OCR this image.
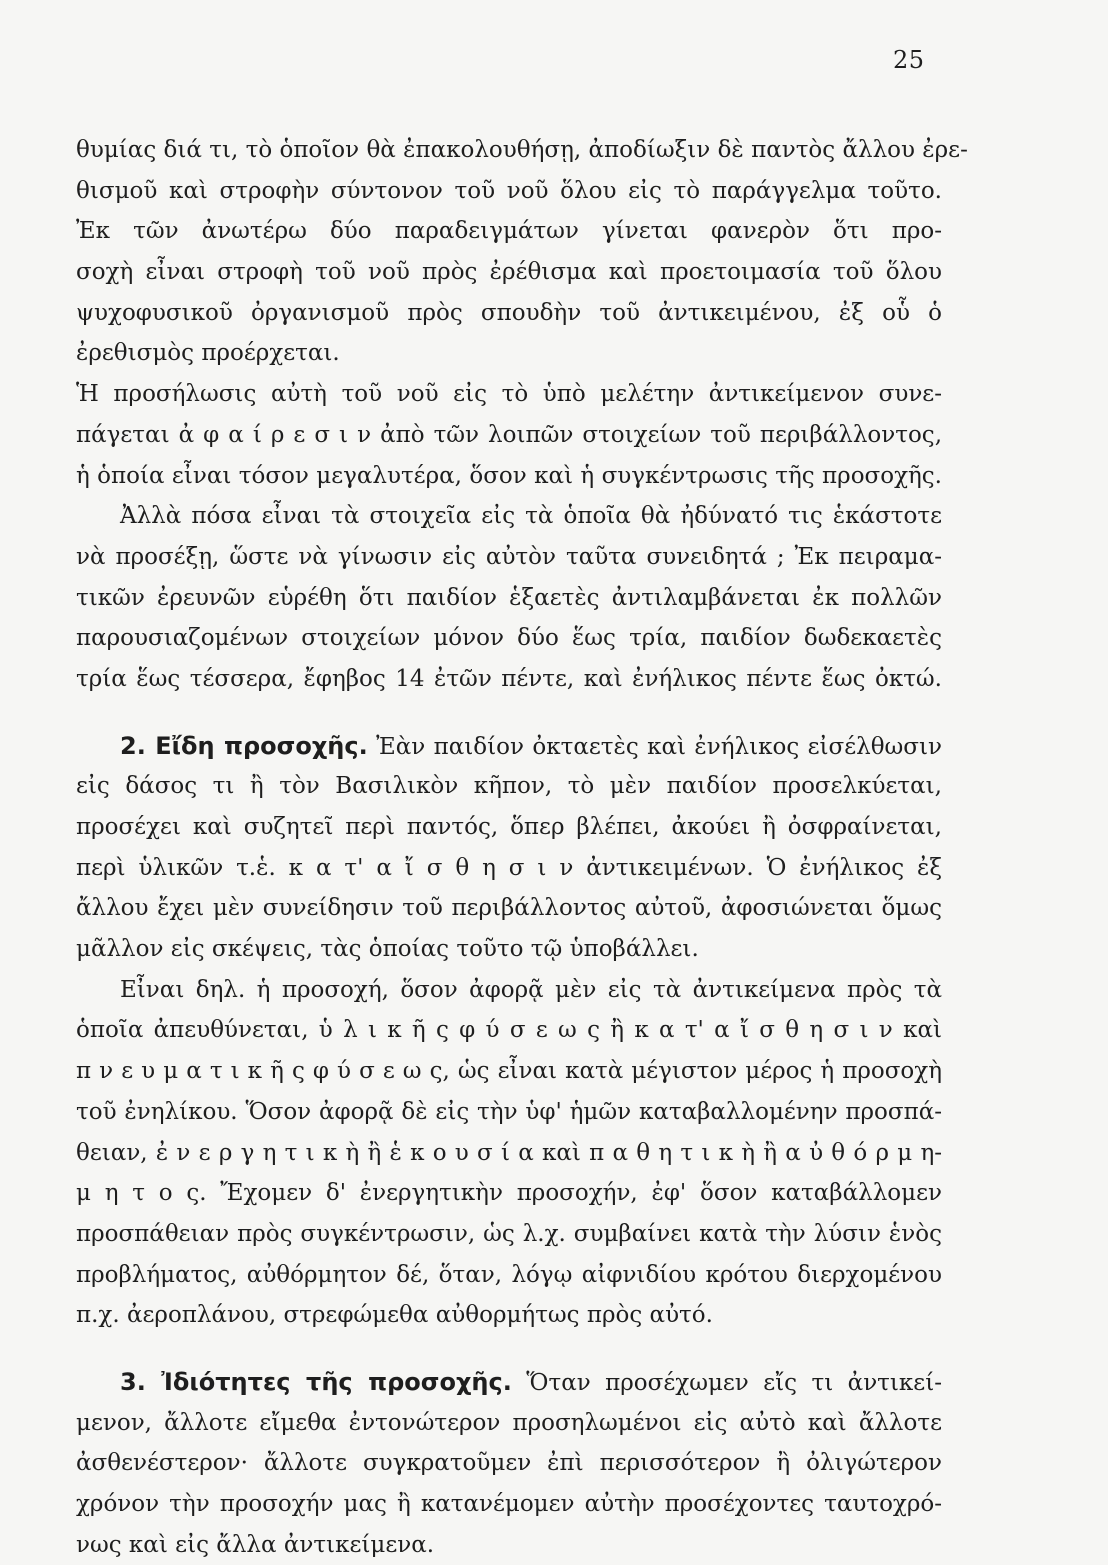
25
θυμίας διά τι, τὸ ὁποῖον θὰ ἐπακολουθήσῃ, ἀποδίωξιν δὲ παντὸς ἄλλου ἐρε-
θισμοῦ καὶ στροφὴν σύντονον τοῦ νοῦ ὅλου εἰς τὸ παράγγελμα τοῦτο.
Ἐκ τῶν ἀνωτέρω δύο παραδειγμάτων γίνεται φανερὸν ὅτι προ-
σοχὴ εἶναι στροφὴ τοῦ νοῦ πρὸς ἐρέθισμα καὶ προετοιμασία τοῦ ὅλου
ψυχοφυσικοῦ ὀργανισμοῦ πρὸς σπουδὴν τοῦ ἀντικειμένου, ἐξ οὗ ὁ
ἐρεθισμὸς προέρχεται.
Ἡ προσήλωσις αὐτὴ τοῦ νοῦ εἰς τὸ ὑπὸ μελέτην ἀντικείμενον συνε-
πάγεται ἀ φ α ί ρ ε σ ι ν ἀπὸ τῶν λοιπῶν στοιχείων τοῦ περιβάλλοντος,
ἡ ὁποία εἶναι τόσον μεγαλυτέρα, ὅσον καὶ ἡ συγκέντρωσις τῆς προσοχῆς.
Ἀλλὰ πόσα εἶναι τὰ στοιχεῖα εἰς τὰ ὁποῖα θὰ ἠδύνατό τις ἑκάστοτε
νὰ προσέξῃ, ὥστε νὰ γίνωσιν εἰς αὐτὸν ταῦτα συνειδητά ; Ἐκ πειραμα-
τικῶν ἐρευνῶν εὑρέθη ὅτι παιδίον ἑξαετὲς ἀντιλαμβάνεται ἐκ πολλῶν
παρουσιαζομένων στοιχείων μόνον δύο ἕως τρία, παιδίον δωδεκαετὲς
τρία ἕως τέσσερα, ἔφηβος 14 ἐτῶν πέντε, καὶ ἐνήλικος πέντε ἕως ὀκτώ.
2. Εἴδη προσοχῆς. Ἐὰν παιδίον ὀκταετὲς καὶ ἐνήλικος εἰσέλθωσιν
εἰς δάσος τι ἢ τὸν Βασιλικὸν κῆπον, τὸ μὲν παιδίον προσελκύεται,
προσέχει καὶ συζητεῖ περὶ παντός, ὅπερ βλέπει, ἀκούει ἢ ὀσφραίνεται,
περὶ ὑλικῶν τ.ἑ. κ α τ' α ἴ σ θ η σ ι ν ἀντικειμένων. Ὁ ἐνήλικος ἐξ
ἄλλου ἔχει μὲν συνείδησιν τοῦ περιβάλλοντος αὐτοῦ, ἀφοσιώνεται ὅμως
μᾶλλον εἰς σκέψεις, τὰς ὁποίας τοῦτο τῷ ὑποβάλλει.
Εἶναι δηλ. ἡ προσοχή, ὅσον ἀφορᾷ μὲν εἰς τὰ ἀντικείμενα πρὸς τὰ
ὁποῖα ἀπευθύνεται, ὑ λ ι κ ῆ ς φ ύ σ ε ω ς ἢ κ α τ' α ἴ σ θ η σ ι ν καὶ
π ν ε υ μ α τ ι κ ῆ ς φ ύ σ ε ω ς, ὡς εἶναι κατὰ μέγιστον μέρος ἡ προσοχὴ
τοῦ ἐνηλίκου. Ὅσον ἀφορᾷ δὲ εἰς τὴν ὑφ' ἡμῶν καταβαλλομένην προσπά-
θειαν, ἐ ν ε ρ γ η τ ι κ ὴ ἢ ἑ κ ο υ σ ί α καὶ π α θ η τ ι κ ὴ ἢ α ὐ θ ό ρ μ η-
μ η τ ο ς. Ἔχομεν δ' ἐνεργητικὴν προσοχήν, ἐφ' ὅσον καταβάλλομεν
προσπάθειαν πρὸς συγκέντρωσιν, ὡς λ.χ. συμβαίνει κατὰ τὴν λύσιν ἑνὸς
προβλήματος, αὐθόρμητον δέ, ὅταν, λόγῳ αἰφνιδίου κρότου διερχομένου
π.χ. ἀεροπλάνου, στρεφώμεθα αὐθορμήτως πρὸς αὐτό.
3. Ἰδιότητες τῆς προσοχῆς. Ὅταν προσέχωμεν εἴς τι ἀντικεί-
μενον, ἄλλοτε εἴμεθα ἐντονώτερον προσηλωμένοι εἰς αὐτὸ καὶ ἄλλοτε
ἀσθενέστερον· ἄλλοτε συγκρατοῦμεν ἐπὶ περισσότερον ἢ ὀλιγώτερον
χρόνον τὴν προσοχήν μας ἢ κατανέμομεν αὐτὴν προσέχοντες ταυτοχρό-
νως καὶ εἰς ἄλλα ἀντικείμενα.
